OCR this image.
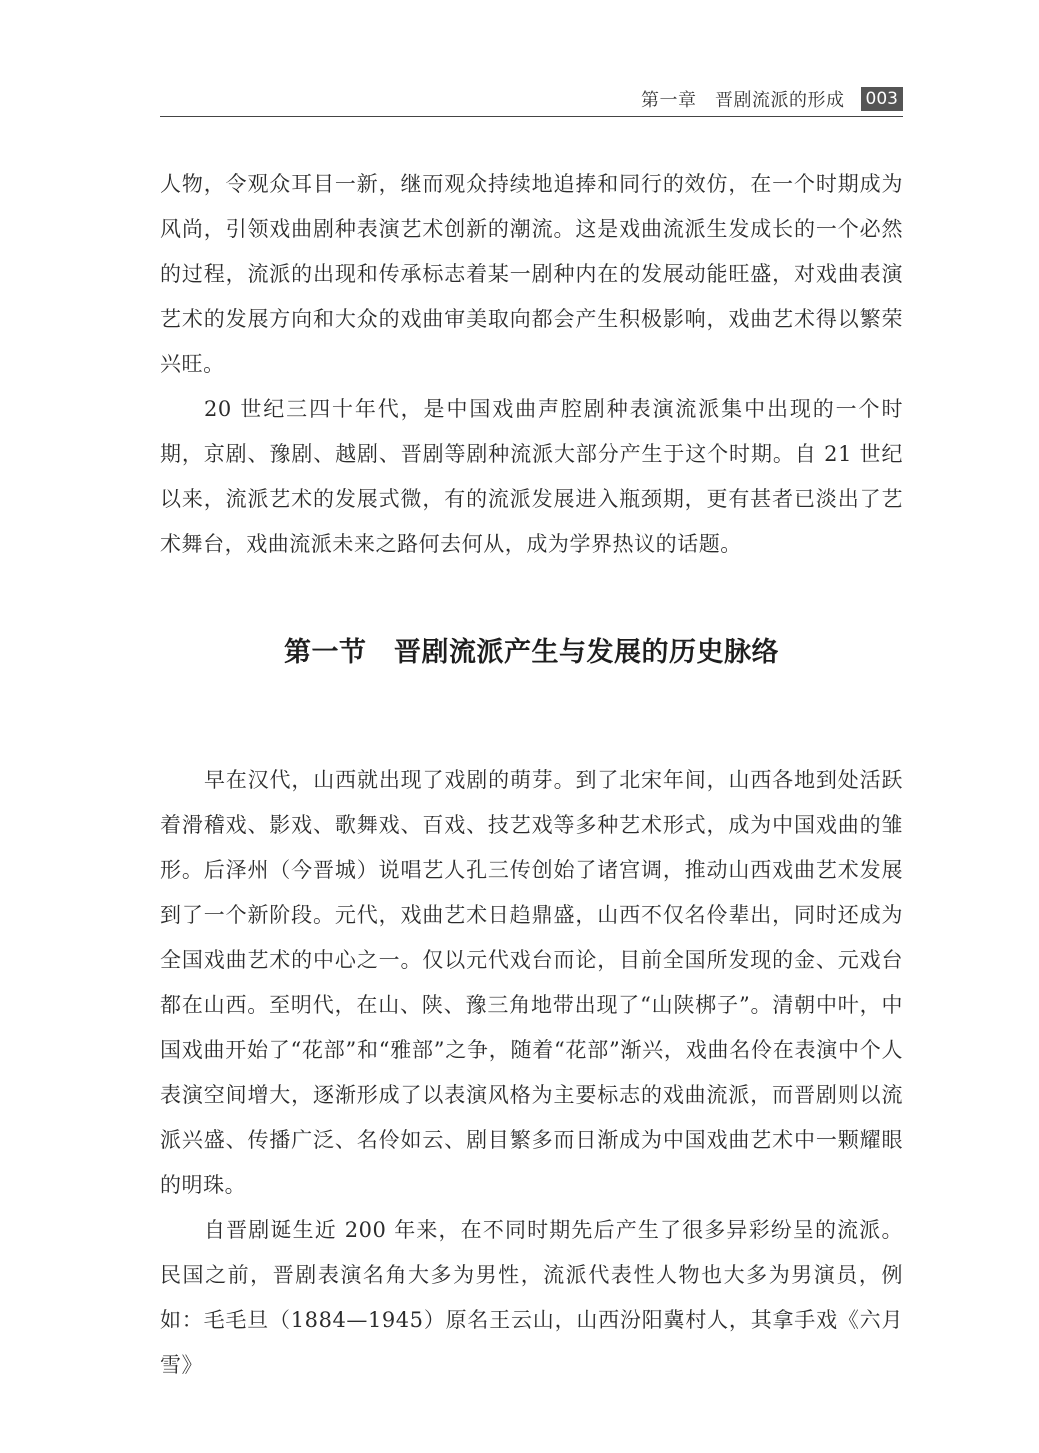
第一章　晋剧流派的形成 003

人物，令观众耳目一新，继而观众持续地追捧和同行的效仿，在一个时期成为风尚，引领戏曲剧种表演艺术创新的潮流。这是戏曲流派生发成长的一个必然的过程，流派的出现和传承标志着某一剧种内在的发展动能旺盛，对戏曲表演艺术的发展方向和大众的戏曲审美取向都会产生积极影响，戏曲艺术得以繁荣兴旺。

20 世纪三四十年代，是中国戏曲声腔剧种表演流派集中出现的一个时期，京剧、豫剧、越剧、晋剧等剧种流派大部分产生于这个时期。自 21 世纪以来，流派艺术的发展式微，有的流派发展进入瓶颈期，更有甚者已淡出了艺术舞台，戏曲流派未来之路何去何从，成为学界热议的话题。

第一节　晋剧流派产生与发展的历史脉络

早在汉代，山西就出现了戏剧的萌芽。到了北宋年间，山西各地到处活跃着滑稽戏、影戏、歌舞戏、百戏、技艺戏等多种艺术形式，成为中国戏曲的雏形。后泽州（今晋城）说唱艺人孔三传创始了诸宫调，推动山西戏曲艺术发展到了一个新阶段。元代，戏曲艺术日趋鼎盛，山西不仅名伶辈出，同时还成为全国戏曲艺术的中心之一。仅以元代戏台而论，目前全国所发现的金、元戏台都在山西。至明代，在山、陕、豫三角地带出现了“山陕梆子”。清朝中叶，中国戏曲开始了“花部”和“雅部”之争，随着“花部”渐兴，戏曲名伶在表演中个人表演空间增大，逐渐形成了以表演风格为主要标志的戏曲流派，而晋剧则以流派兴盛、传播广泛、名伶如云、剧目繁多而日渐成为中国戏曲艺术中一颗耀眼的明珠。

自晋剧诞生近 200 年来，在不同时期先后产生了很多异彩纷呈的流派。民国之前，晋剧表演名角大多为男性，流派代表性人物也大多为男演员，例如：毛毛旦（1884—1945）原名王云山，山西汾阳冀村人，其拿手戏《六月雪》
